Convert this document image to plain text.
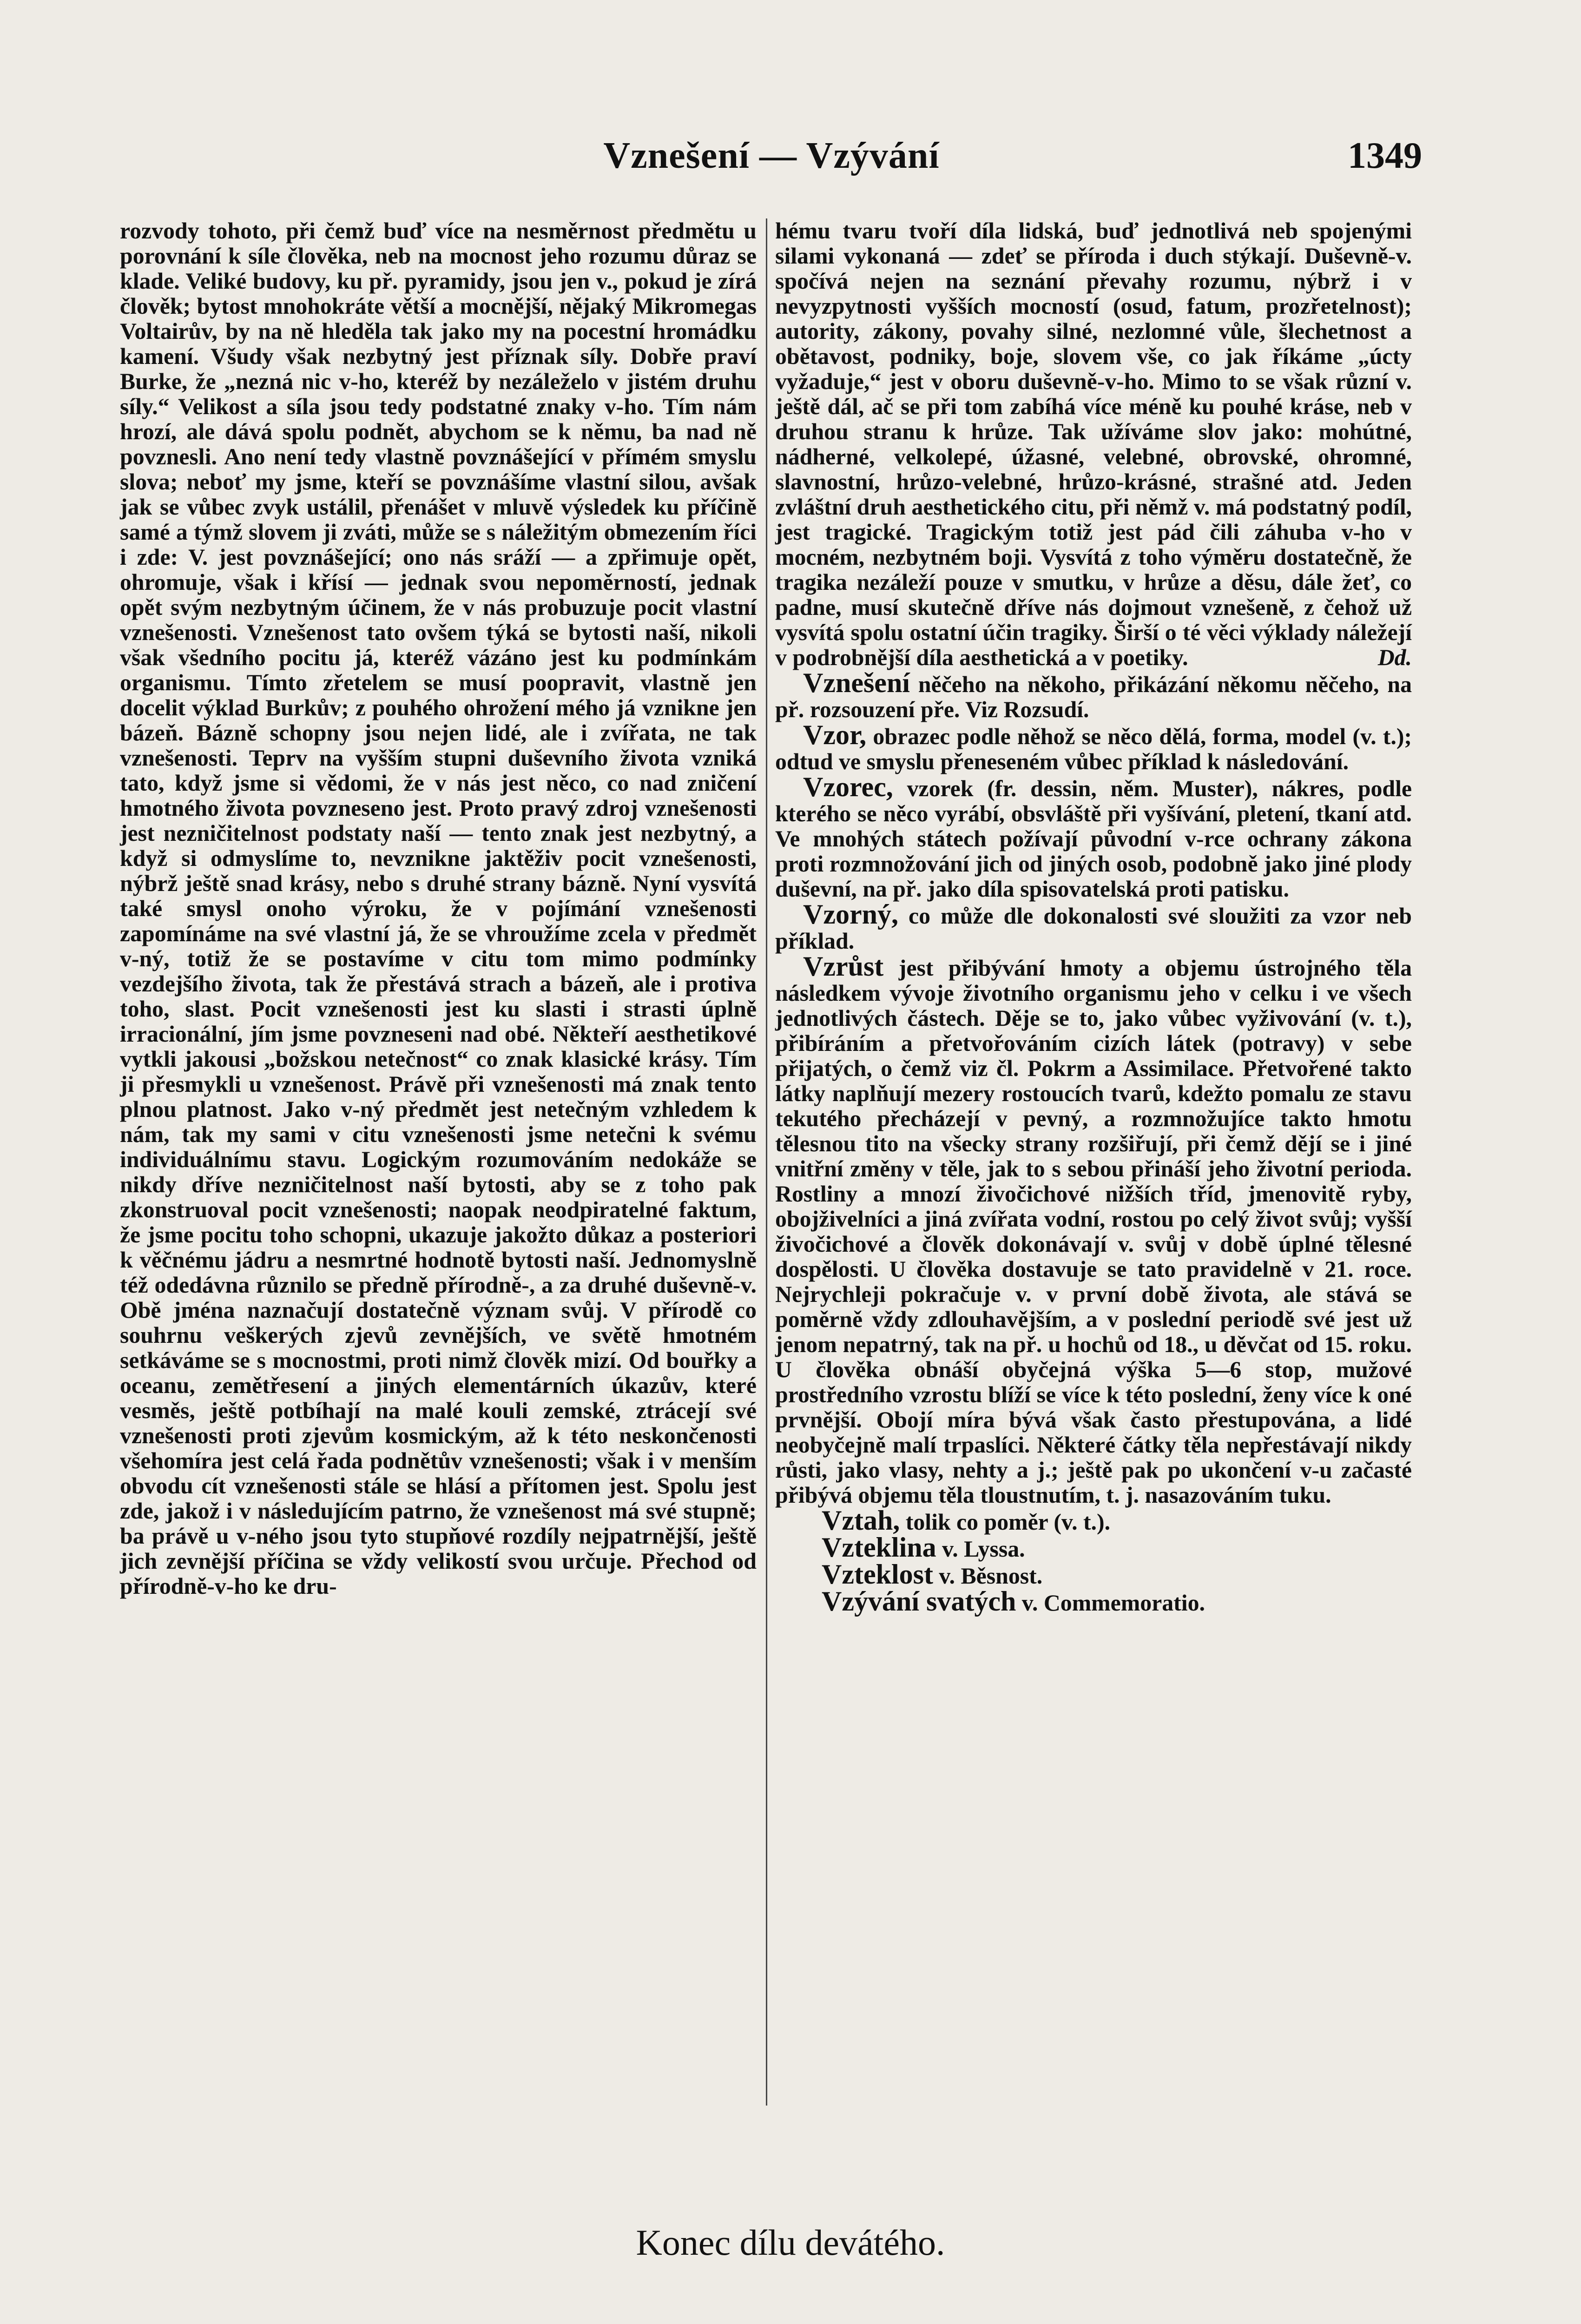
Vznešení — Vzývání	1349

rozvody tohoto, při čemž buď více na nesměrnost předmětu u porovnání k síle člověka, neb na mocnost jeho rozumu důraz se klade. Veliké budovy, ku př. pyramidy, jsou jen v., pokud je zírá člověk; bytost mnohokráte větší a mocnější, nějaký Mikromegas Voltairův, by na ně hleděla tak jako my na pocestní hromádku kamení. Všudy však nezbytný jest příznak síly. Dobře praví Burke, že „nezná nic v-ho, kteréž by nezáleželo v jistém druhu síly.“ Velikost a síla jsou tedy podstatné znaky v-ho. Tím nám hrozí, ale dává spolu podnět, abychom se k němu, ba nad ně povznesli. Ano není tedy vlastně povznášející v přímém smyslu slova; neboť my jsme, kteří se povznášíme vlastní silou, avšak jak se vůbec zvyk ustálil, přenášet v mluvě výsledek ku příčině samé a týmž slovem ji zváti, může se s náležitým obmezením říci i zde: V. jest povznášející; ono nás sráží — a zpřimuje opět, ohromuje, však i křísí — jednak svou nepoměrností, jednak opět svým nezbytným účinem, že v nás probuzuje pocit vlastní vznešenosti. Vznešenost tato ovšem týká se bytosti naší, nikoli však všedního pocitu já, kteréž vázáno jest ku podmínkám organismu. Tímto zřetelem se musí poopravit, vlastně jen docelit výklad Burkův; z pouhého ohrožení mého já vznikne jen bázeň. Bázně schopny jsou nejen lidé, ale i zvířata, ne tak vznešenosti. Teprv na vyšším stupni duševního života vzniká tato, když jsme si vědomi, že v nás jest něco, co nad zničení hmotného života povzneseno jest. Proto pravý zdroj vznešenosti jest nezničitelnost podstaty naší — tento znak jest nezbytný, a když si odmyslíme to, nevznikne jaktěživ pocit vznešenosti, nýbrž ještě snad krásy, nebo s druhé strany bázně. Nyní vysvítá také smysl onoho výroku, že v pojímání vznešenosti zapomínáme na své vlastní já, že se vhroužíme zcela v předmět v-ný, totiž že se postavíme v citu tom mimo podmínky vezdejšího života, tak že přestává strach a bázeň, ale i protiva toho, slast. Pocit vznešenosti jest ku slasti i strasti úplně irracionální, jím jsme povzneseni nad obé. Někteří aesthetikové vytkli jakousi „božskou netečnost“ co znak klasické krásy. Tím ji přesmykli u vznešenost. Právě při vznešenosti má znak tento plnou platnost. Jako v-ný předmět jest netečným vzhledem k nám, tak my sami v citu vznešenosti jsme netečni k svému individuálnímu stavu. Logickým rozumováním nedokáže se nikdy dříve nezničitelnost naší bytosti, aby se z toho pak zkonstruoval pocit vznešenosti; naopak neodpiratelné faktum, že jsme pocitu toho schopni, ukazuje jakožto důkaz a posteriori k věčnému jádru a nesmrtné hodnotě bytosti naší. Jednomyslně též odedávna různilo se předně přírodně-, a za druhé duševně-v. Obě jména naznačují dostatečně význam svůj. V přírodě co souhrnu veškerých zjevů zevnějších, ve světě hmotném setkáváme se s mocnostmi, proti nimž člověk mizí. Od bouřky a oceanu, zemětřesení a jiných elementárních úkazův, které vesměs, ještě potbíhají na malé kouli zemské, ztrácejí své vznešenosti proti zjevům kosmickým, až k této neskončenosti všehomíra jest celá řada podnětův vznešenosti; však i v menším obvodu cít vznešenosti stále se hlásí a přítomen jest. Spolu jest zde, jakož i v následujícím patrno, že vznešenost má své stupně; ba právě u v-ného jsou tyto stupňové rozdíly nejpatrnější, ještě jich zevnější příčina se vždy velikostí svou určuje. Přechod od přírodně-v-ho ke dru-

hému tvaru tvoří díla lidská, buď jednotlivá neb spojenými silami vykonaná — zdeť se příroda i duch stýkají. Duševně-v. spočívá nejen na seznání převahy rozumu, nýbrž i v nevyzpytnosti vyšších mocností (osud, fatum, prozřetelnost); autority, zákony, povahy silné, nezlomné vůle, šlechetnost a obětavost, podniky, boje, slovem vše, co jak říkáme „úcty vyžaduje,“ jest v oboru duševně-v-ho. Mimo to se však různí v. ještě dál, ač se při tom zabíhá více méně ku pouhé kráse, neb v druhou stranu k hrůze. Tak užíváme slov jako: mohútné, nádherné, velkolepé, úžasné, velebné, obrovské, ohromné, slavnostní, hrůzo-velebné, hrůzo-krásné, strašné atd. Jeden zvláštní druh aesthetického citu, při němž v. má podstatný podíl, jest tragické. Tragickým totiž jest pád čili záhuba v-ho v mocném, nezbytném boji. Vysvítá z toho výměru dostatečně, že tragika nezáleží pouze v smutku, v hrůze a děsu, dále žeť, co padne, musí skutečně dříve nás dojmout vznešeně, z čehož už vysvítá spolu ostatní účin tragiky. Širší o té věci výklady náležejí v podrobnější díla aesthetická a v poetiky.	Dd.

Vznešení něčeho na někoho, přikázání někomu něčeho, na př. rozsouzení pře. Viz Rozsudí.

Vzor, obrazec podle něhož se něco dělá, forma, model (v. t.); odtud ve smyslu přeneseném vůbec příklad k následování.

Vzorec, vzorek (fr. dessin, něm. Muster), nákres, podle kterého se něco vyrábí, obsvláště při vyšívání, pletení, tkaní atd. Ve mnohých státech požívají původní v-rce ochrany zákona proti rozmnožování jich od jiných osob, podobně jako jiné plody duševní, na př. jako díla spisovatelská proti patisku.

Vzorný, co může dle dokonalosti své sloužiti za vzor neb příklad.

Vzrůst jest přibývání hmoty a objemu ústrojného těla následkem vývoje životního organismu jeho v celku i ve všech jednotlivých částech. Děje se to, jako vůbec vyživování (v. t.), přibíráním a přetvořováním cizích látek (potravy) v sebe přijatých, o čemž viz čl. Pokrm a Assimilace. Přetvořené takto látky naplňují mezery rostoucích tvarů, kdežto pomalu ze stavu tekutého přecházejí v pevný, a rozmnožujíce takto hmotu tělesnou tito na všecky strany rozšiřují, při čemž dějí se i jiné vnitřní změny v těle, jak to s sebou přináší jeho životní perioda. Rostliny a mnozí živočichové nižších tříd, jmenovitě ryby, obojživelníci a jiná zvířata vodní, rostou po celý život svůj; vyšší živočichové a člověk dokonávají v. svůj v době úplné tělesné dospělosti. U člověka dostavuje se tato pravidelně v 21. roce. Nejrychleji pokračuje v. v první době života, ale stává se poměrně vždy zdlouhavějším, a v poslední periodě své jest už jenom nepatrný, tak na př. u hochů od 18., u děvčat od 15. roku. U člověka obnáší obyčejná výška 5—6 stop, mužové prostředního vzrostu blíží se více k této poslední, ženy více k oné prvnější. Obojí míra bývá však často přestupována, a lidé neobyčejně malí trpaslíci. Některé čátky těla nepřestávají nikdy růsti, jako vlasy, nehty a j.; ještě pak po ukončení v-u začasté přibývá objemu těla tloustnutím, t. j. nasazováním tuku.

Vztah, tolik co poměr (v. t.).

Vzteklina v. Lyssa.

Vzteklost v. Běsnost.

Vzývání svatých v. Commemoratio.

Konec dílu devátého.
